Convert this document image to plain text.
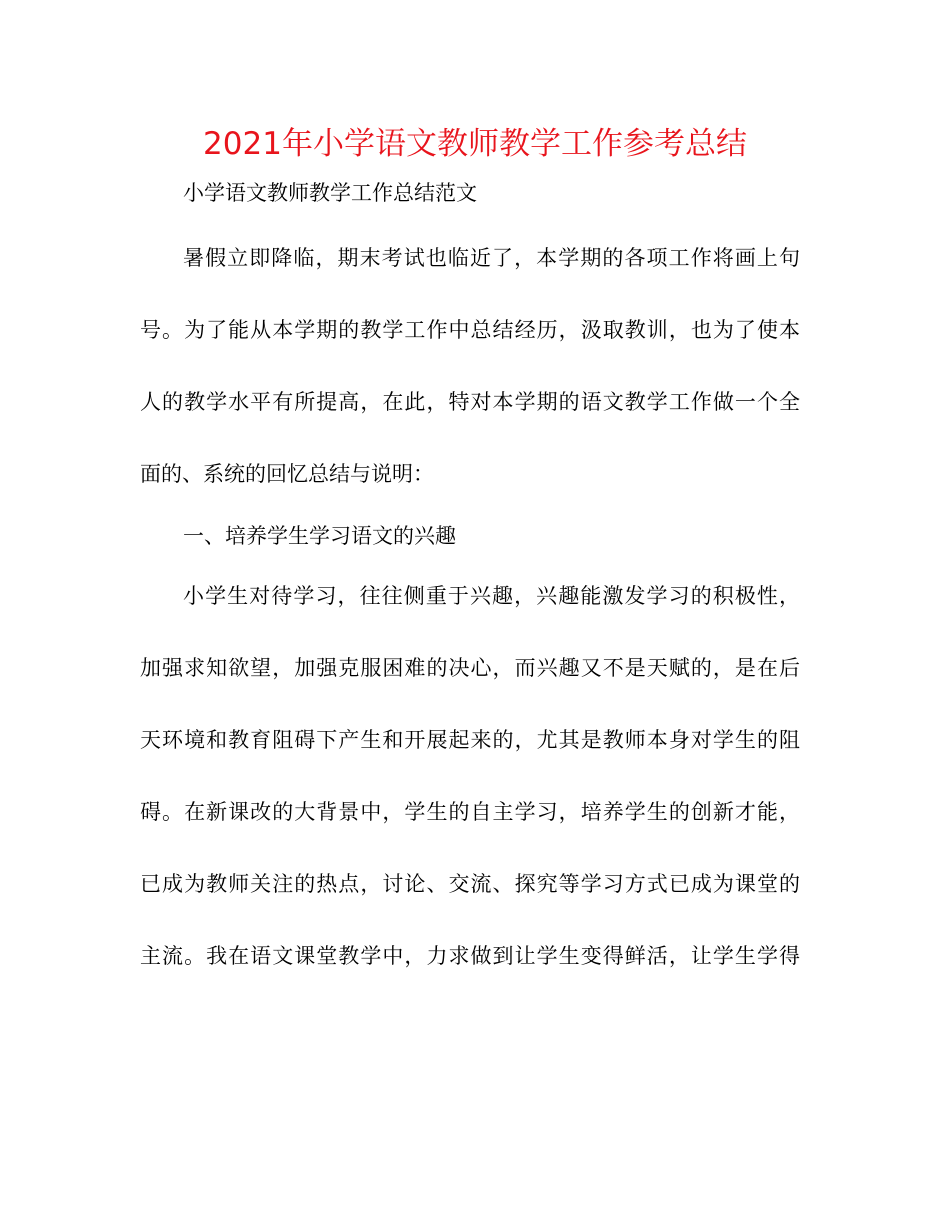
2021年小学语文教师教学工作参考总结
小学语文教师教学工作总结范文
暑假立即降临，期末考试也临近了，本学期的各项工作将画上句
号。为了能从本学期的教学工作中总结经历，汲取教训，也为了使本
人的教学水平有所提高，在此，特对本学期的语文教学工作做一个全
面的、系统的回忆总结与说明：
一、培养学生学习语文的兴趣
小学生对待学习，往往侧重于兴趣，兴趣能激发学习的积极性，
加强求知欲望，加强克服困难的决心，而兴趣又不是天赋的，是在后
天环境和教育阻碍下产生和开展起来的，尤其是教师本身对学生的阻
碍。在新课改的大背景中，学生的自主学习，培养学生的创新才能，
已成为教师关注的热点，讨论、交流、探究等学习方式已成为课堂的
主流。我在语文课堂教学中，力求做到让学生变得鲜活，让学生学得
